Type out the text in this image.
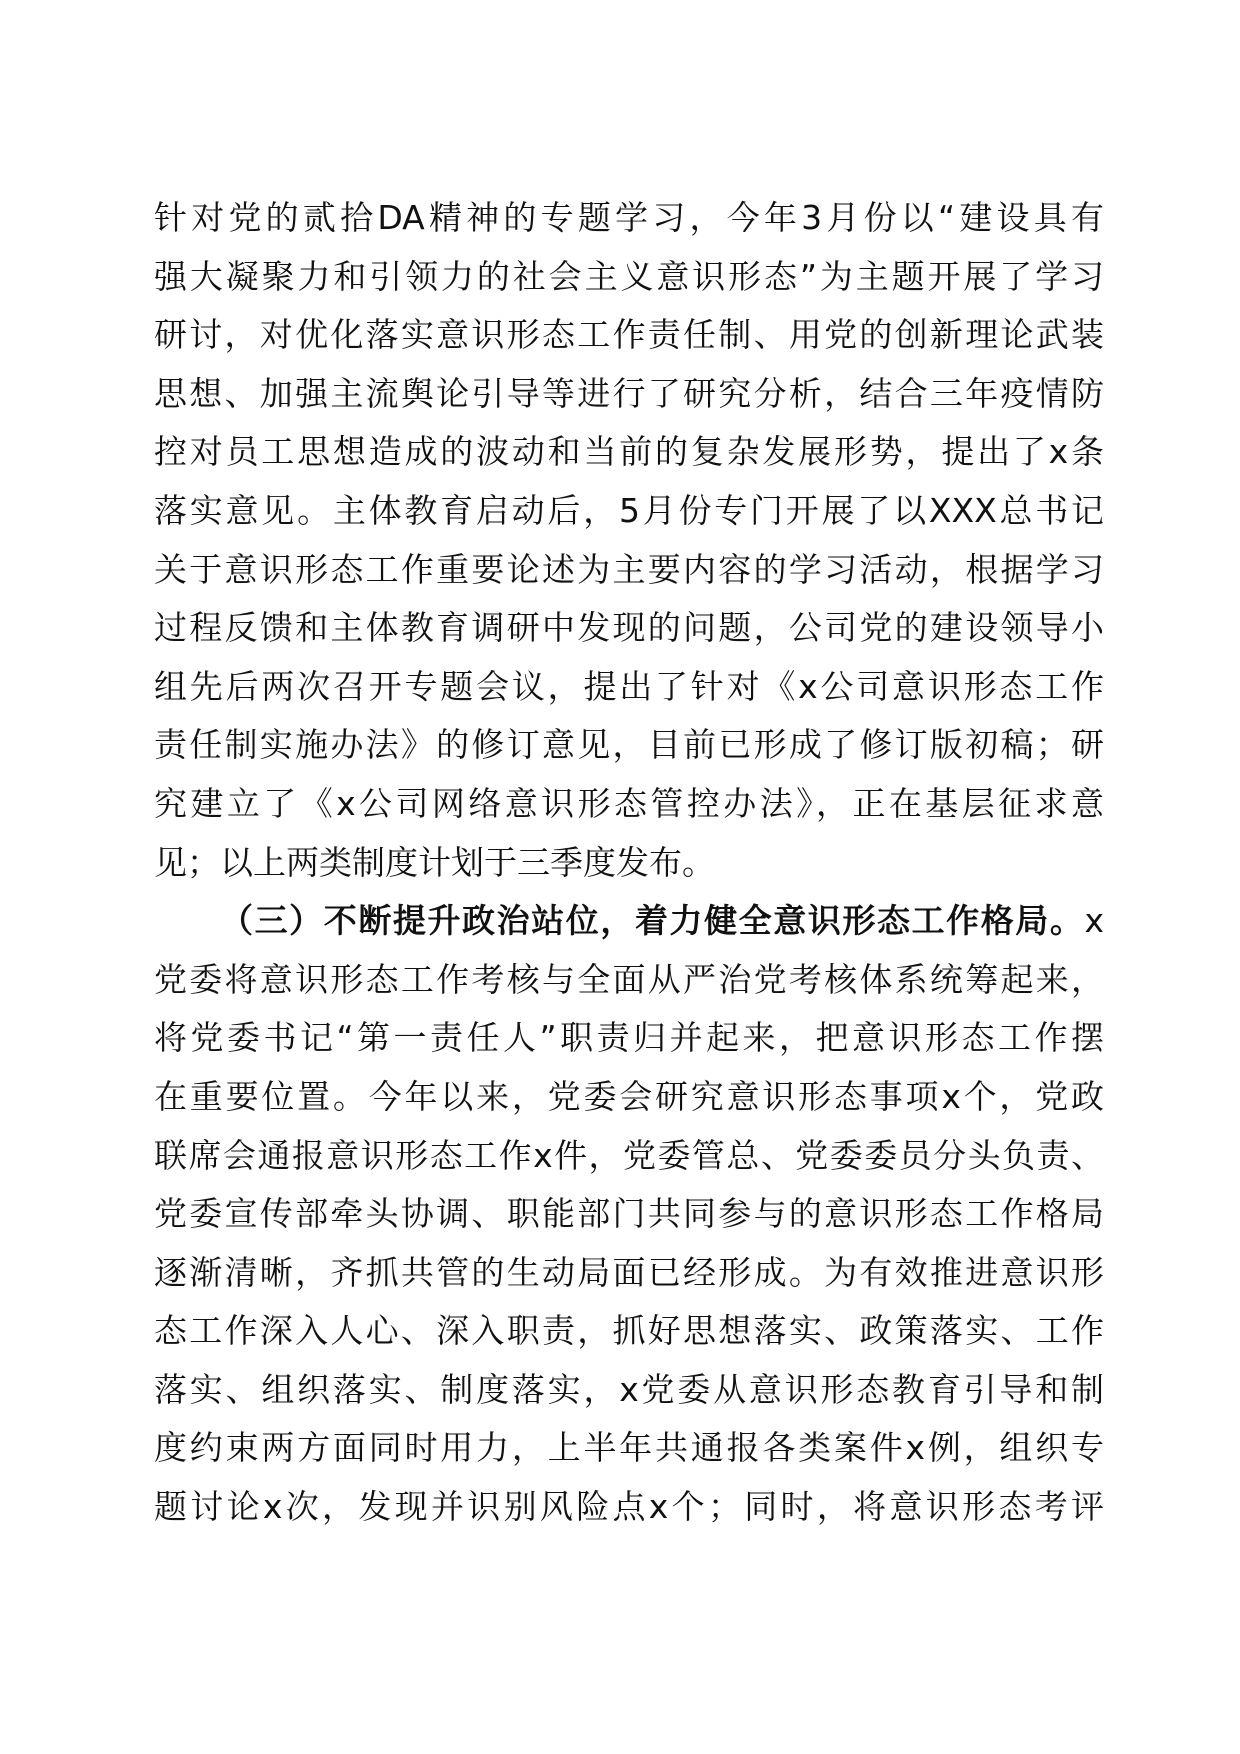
针对党的贰拾DA精神的专题学习，今年3月份以“建设具有
强大凝聚力和引领力的社会主义意识形态”为主题开展了学习
研讨，对优化落实意识形态工作责任制、用党的创新理论武装
思想、加强主流舆论引导等进行了研究分析，结合三年疫情防
控对员工思想造成的波动和当前的复杂发展形势，提出了x条
落实意见。主体教育启动后，5月份专门开展了以XXX总书记
关于意识形态工作重要论述为主要内容的学习活动，根据学习
过程反馈和主体教育调研中发现的问题，公司党的建设领导小
组先后两次召开专题会议，提出了针对《x公司意识形态工作
责任制实施办法》的修订意见，目前已形成了修订版初稿；研
究建立了《x公司网络意识形态管控办法》，正在基层征求意
见；以上两类制度计划于三季度发布。
（三）不断提升政治站位，着力健全意识形态工作格局。x
党委将意识形态工作考核与全面从严治党考核体系统筹起来，
将党委书记“第一责任人”职责归并起来，把意识形态工作摆
在重要位置。今年以来，党委会研究意识形态事项x个，党政
联席会通报意识形态工作x件，党委管总、党委委员分头负责、
党委宣传部牵头协调、职能部门共同参与的意识形态工作格局
逐渐清晰，齐抓共管的生动局面已经形成。为有效推进意识形
态工作深入人心、深入职责，抓好思想落实、政策落实、工作
落实、组织落实、制度落实，x党委从意识形态教育引导和制
度约束两方面同时用力，上半年共通报各类案件x例，组织专
题讨论x次，发现并识别风险点x个；同时，将意识形态考评
